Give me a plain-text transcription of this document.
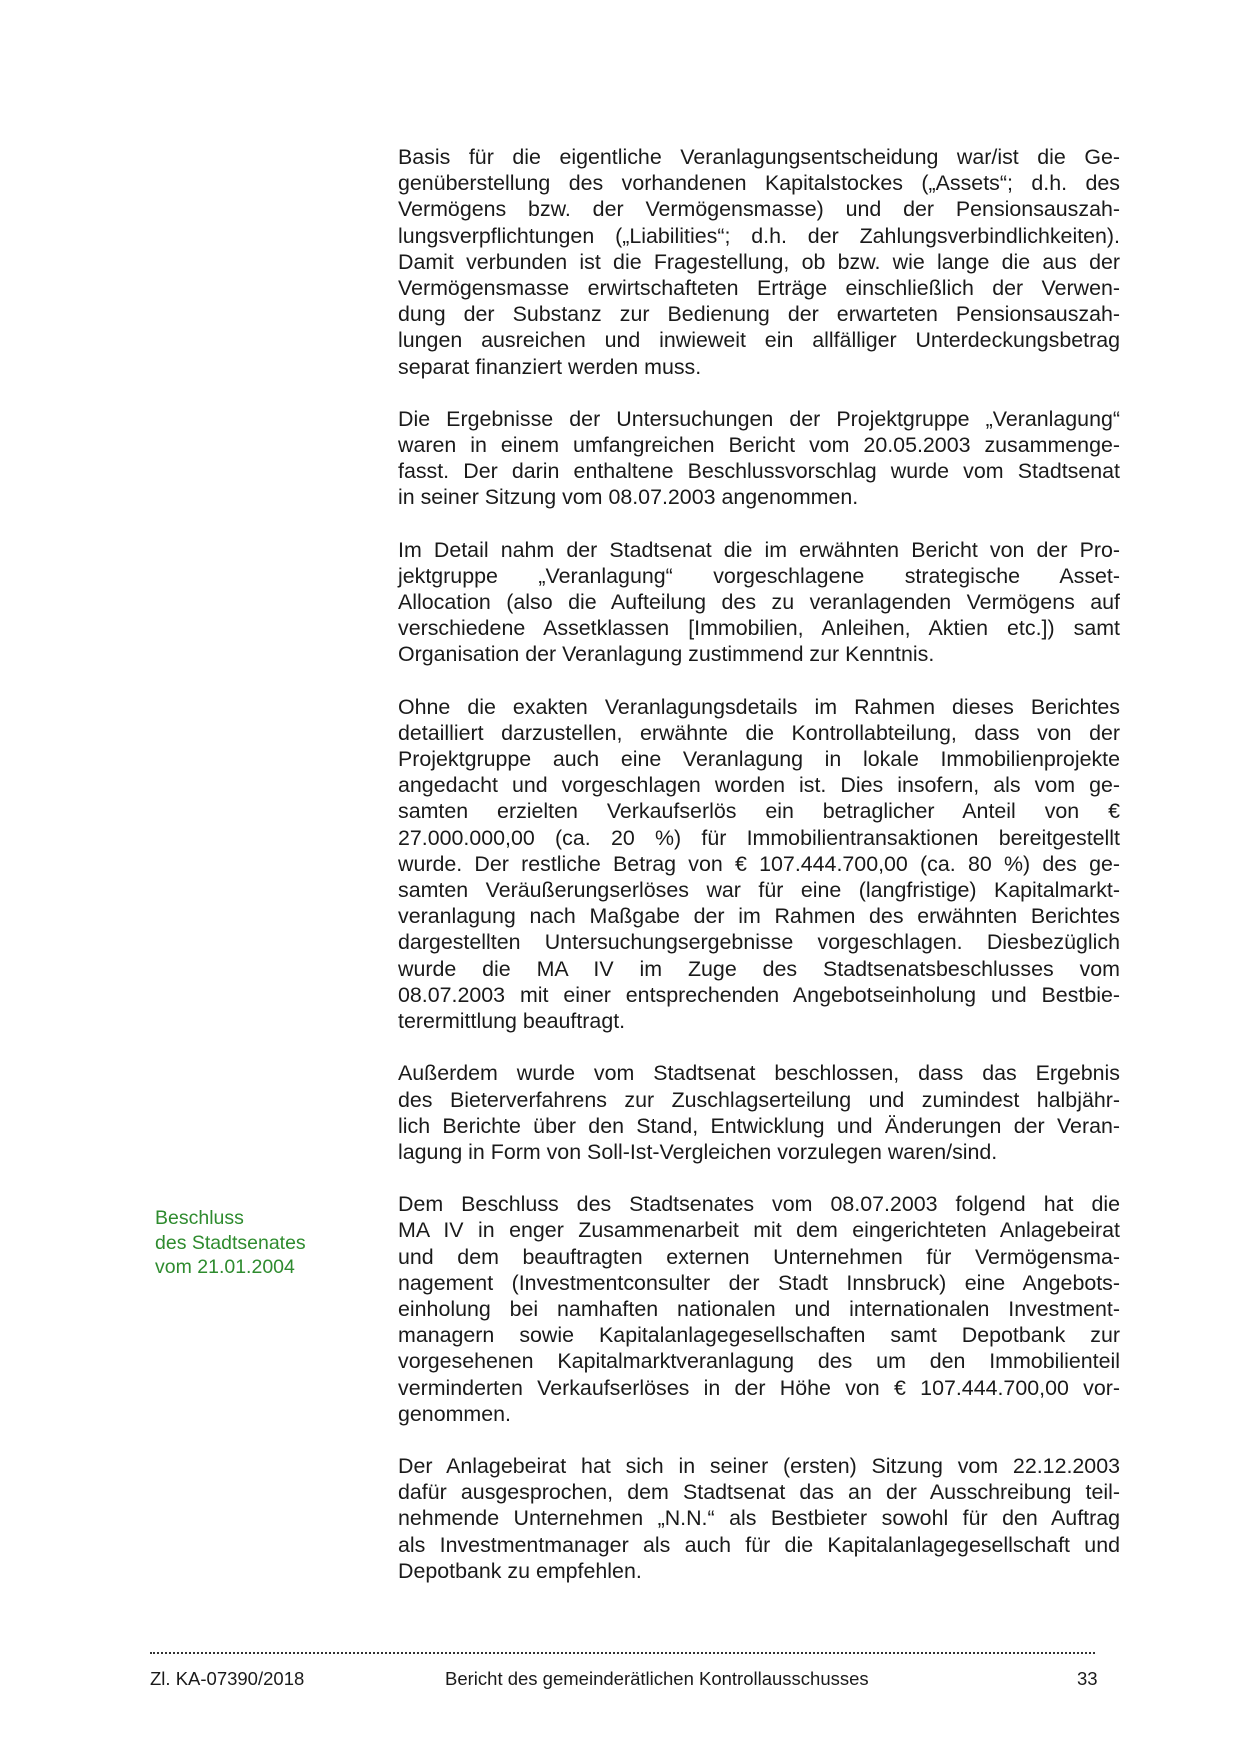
Beschluss
des Stadtsenates
vom 21.01.2004

Basis für die eigentliche Veranlagungsentscheidung war/ist die Ge-
genüberstellung des vorhandenen Kapitalstockes („Assets“; d.h. des
Vermögens bzw. der Vermögensmasse) und der Pensionsauszah-
lungsverpflichtungen („Liabilities“; d.h. der Zahlungsverbindlichkeiten).
Damit verbunden ist die Fragestellung, ob bzw. wie lange die aus der
Vermögensmasse erwirtschafteten Erträge einschließlich der Verwen-
dung der Substanz zur Bedienung der erwarteten Pensionsauszah-
lungen ausreichen und inwieweit ein allfälliger Unterdeckungsbetrag
separat finanziert werden muss.

Die Ergebnisse der Untersuchungen der Projektgruppe „Veranlagung“
waren in einem umfangreichen Bericht vom 20.05.2003 zusammenge-
fasst. Der darin enthaltene Beschlussvorschlag wurde vom Stadtsenat
in seiner Sitzung vom 08.07.2003 angenommen.

Im Detail nahm der Stadtsenat die im erwähnten Bericht von der Pro-
jektgruppe „Veranlagung“ vorgeschlagene strategische Asset-
Allocation (also die Aufteilung des zu veranlagenden Vermögens auf
verschiedene Assetklassen [Immobilien, Anleihen, Aktien etc.]) samt
Organisation der Veranlagung zustimmend zur Kenntnis.

Ohne die exakten Veranlagungsdetails im Rahmen dieses Berichtes
detailliert darzustellen, erwähnte die Kontrollabteilung, dass von der
Projektgruppe auch eine Veranlagung in lokale Immobilienprojekte
angedacht und vorgeschlagen worden ist. Dies insofern, als vom ge-
samten erzielten Verkaufserlös ein betraglicher Anteil von €
27.000.000,00 (ca. 20 %) für Immobilientransaktionen bereitgestellt
wurde. Der restliche Betrag von € 107.444.700,00 (ca. 80 %) des ge-
samten Veräußerungserlöses war für eine (langfristige) Kapitalmarkt-
veranlagung nach Maßgabe der im Rahmen des erwähnten Berichtes
dargestellten Untersuchungsergebnisse vorgeschlagen. Diesbezüglich
wurde die MA IV im Zuge des Stadtsenatsbeschlusses vom
08.07.2003 mit einer entsprechenden Angebotseinholung und Bestbie-
terermittlung beauftragt.

Außerdem wurde vom Stadtsenat beschlossen, dass das Ergebnis
des Bieterverfahrens zur Zuschlagserteilung und zumindest halbjähr-
lich Berichte über den Stand, Entwicklung und Änderungen der Veran-
lagung in Form von Soll-Ist-Vergleichen vorzulegen waren/sind.

Dem Beschluss des Stadtsenates vom 08.07.2003 folgend hat die
MA IV in enger Zusammenarbeit mit dem eingerichteten Anlagebeirat
und dem beauftragten externen Unternehmen für Vermögensma-
nagement (Investmentconsulter der Stadt Innsbruck) eine Angebots-
einholung bei namhaften nationalen und internationalen Investment-
managern sowie Kapitalanlagegesellschaften samt Depotbank zur
vorgesehenen Kapitalmarktveranlagung des um den Immobilienteil
verminderten Verkaufserlöses in der Höhe von € 107.444.700,00 vor-
genommen.

Der Anlagebeirat hat sich in seiner (ersten) Sitzung vom 22.12.2003
dafür ausgesprochen, dem Stadtsenat das an der Ausschreibung teil-
nehmende Unternehmen „N.N.“ als Bestbieter sowohl für den Auftrag
als Investmentmanager als auch für die Kapitalanlagegesellschaft und
Depotbank zu empfehlen.

Zl. KA-07390/2018	Bericht des gemeinderätlichen Kontrollausschusses	33
